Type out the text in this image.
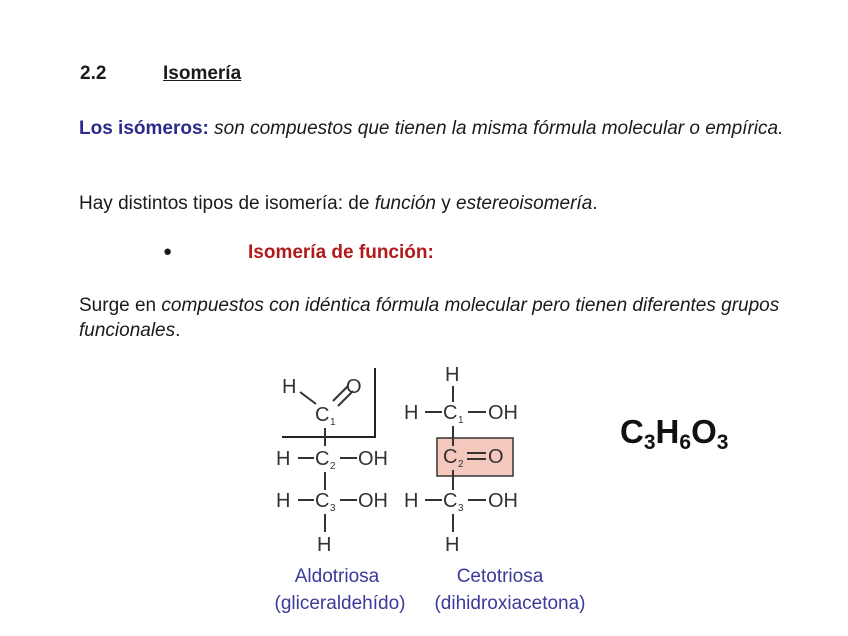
2.2	Isomería
Los isómeros: son compuestos que tienen la misma fórmula molecular o empírica.
Hay distintos tipos de isomería: de función y estereoisomería.
●	Isomería de función:
Surge en compuestos con idéntica fórmula molecular pero tienen diferentes grupos funcionales.
H O
C 1
H C 2 OH
H C 3 OH
H
H
H C 1 OH
C 2 O
H C 3 OH
H
$C_3H_6O_3$
Aldotriosa
(gliceraldehído)
Cetotriosa
(dihidroxiacetona)
